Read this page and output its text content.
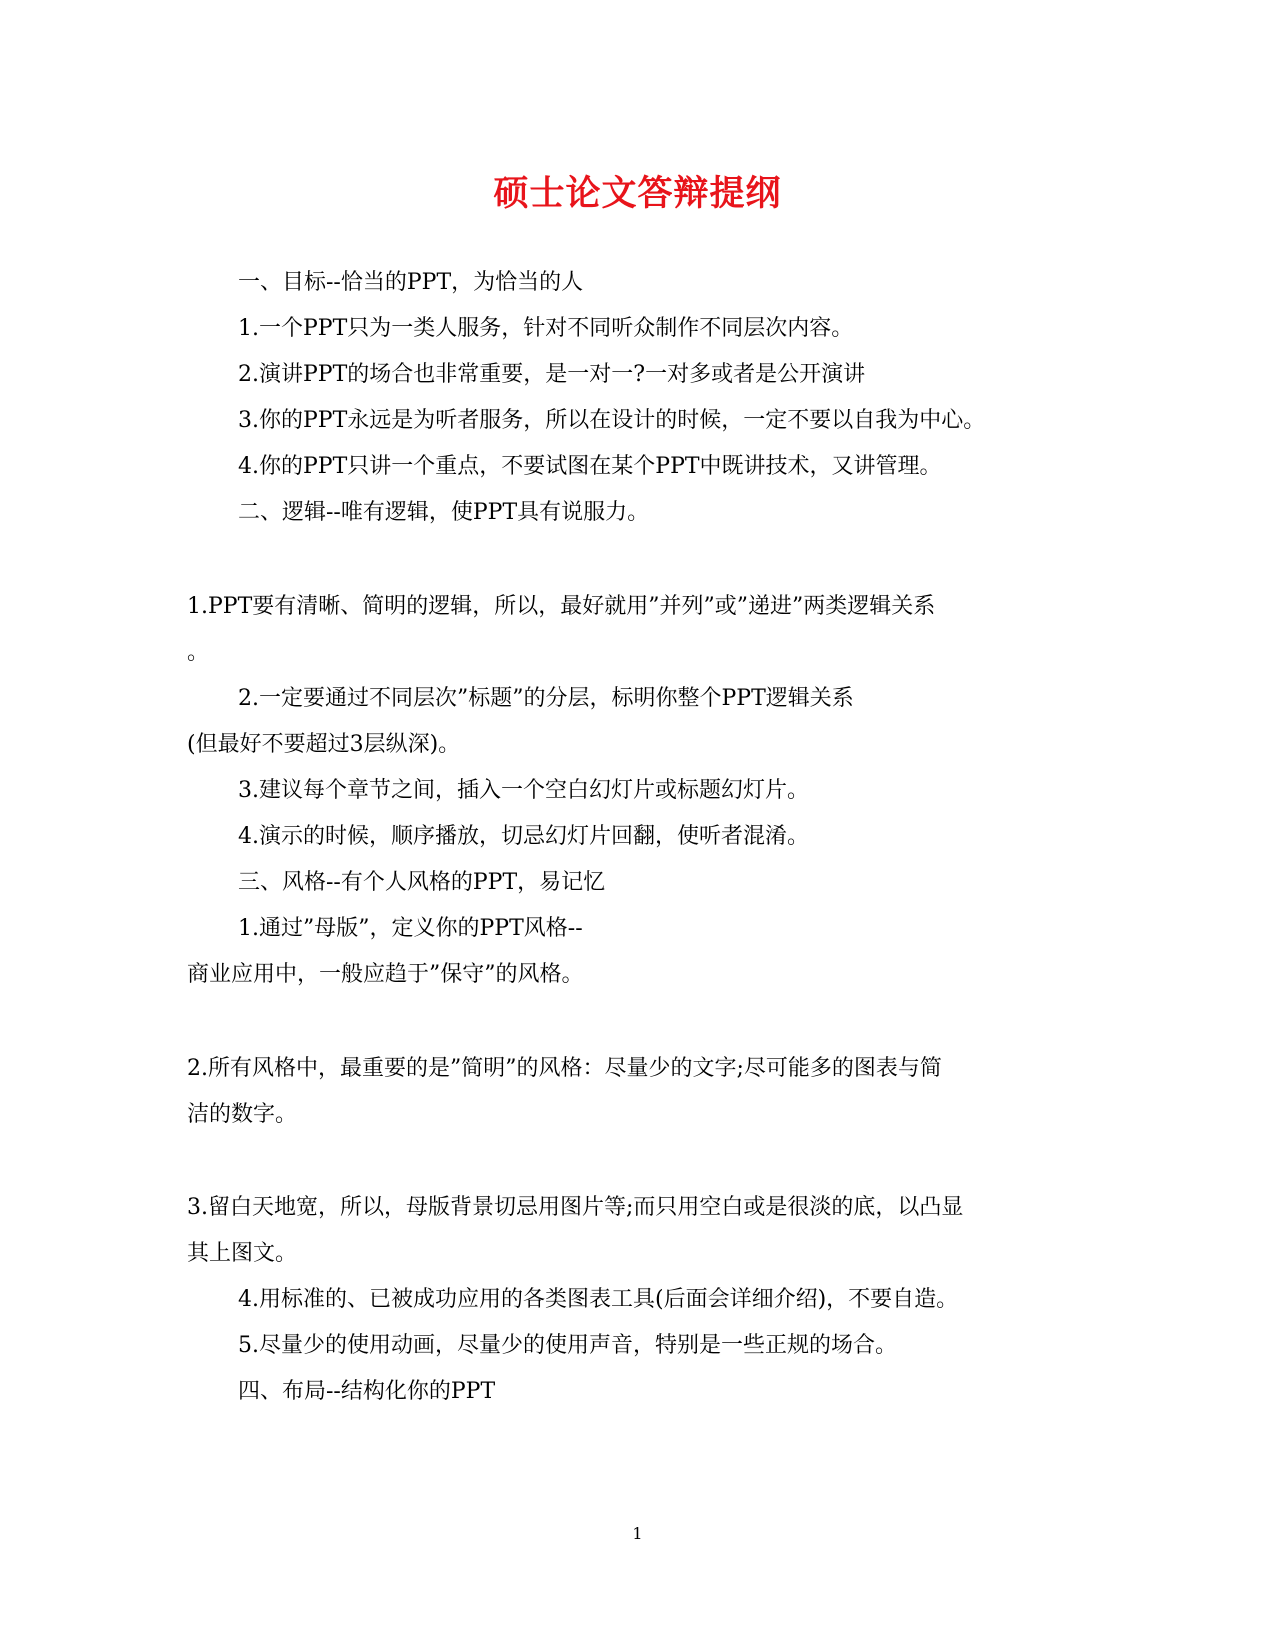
硕士论文答辩提纲
一、目标--恰当的PPT，为恰当的人
1.一个PPT只为一类人服务，针对不同听众制作不同层次内容。
2.演讲PPT的场合也非常重要，是一对一?一对多或者是公开演讲
3.你的PPT永远是为听者服务，所以在设计的时候，一定不要以自我为中心。
4.你的PPT只讲一个重点，不要试图在某个PPT中既讲技术，又讲管理。
二、逻辑--唯有逻辑，使PPT具有说服力。
1.PPT要有清晰、简明的逻辑，所以，最好就用”并列”或”递进”两类逻辑关系
。
2.一定要通过不同层次”标题”的分层，标明你整个PPT逻辑关系
(但最好不要超过3层纵深)。
3.建议每个章节之间，插入一个空白幻灯片或标题幻灯片。
4.演示的时候，顺序播放，切忌幻灯片回翻，使听者混淆。
三、风格--有个人风格的PPT，易记忆
1.通过”母版”，定义你的PPT风格--
商业应用中，一般应趋于”保守”的风格。
2.所有风格中，最重要的是”简明”的风格：尽量少的文字;尽可能多的图表与简
洁的数字。
3.留白天地宽，所以，母版背景切忌用图片等;而只用空白或是很淡的底，以凸显
其上图文。
4.用标准的、已被成功应用的各类图表工具(后面会详细介绍)，不要自造。
5.尽量少的使用动画，尽量少的使用声音，特别是一些正规的场合。
四、布局--结构化你的PPT
1
